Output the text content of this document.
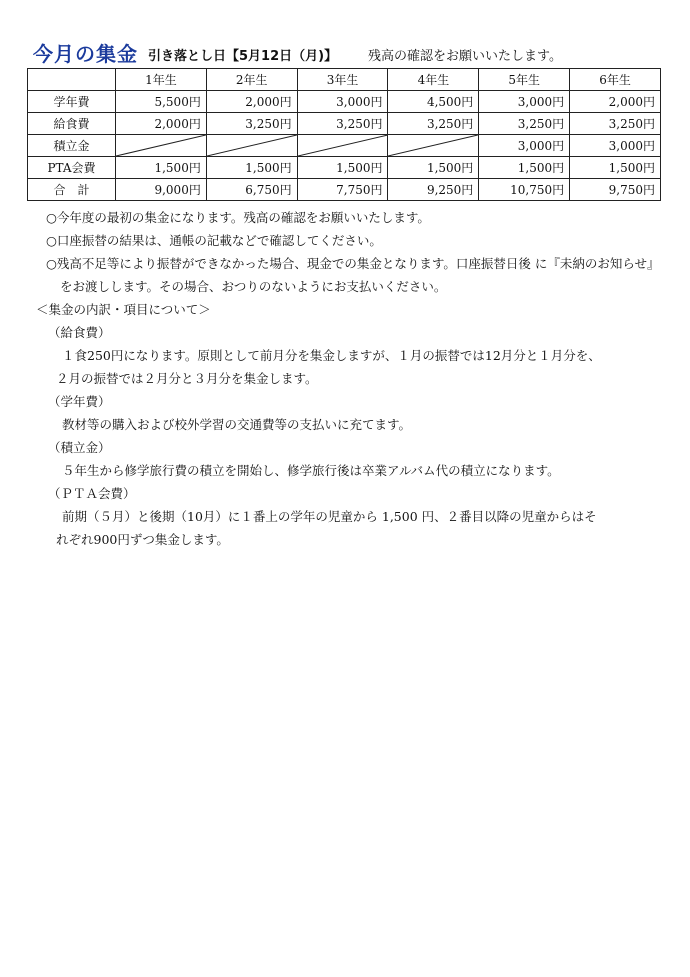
今月の集金 引き落とし日【5月12日（月)】 残高の確認をお願いいたします。
	1年生	2年生	3年生	4年生	5年生	6年生
学年費	5,500円	2,000円	3,000円	4,500円	3,000円	2,000円
給食費	2,000円	3,250円	3,250円	3,250円	3,250円	3,250円
積立金					3,000円	3,000円
PTA会費	1,500円	1,500円	1,500円	1,500円	1,500円	1,500円
合　計	9,000円	6,750円	7,750円	9,250円	10,750円	9,750円

○今年度の最初の集金になります。残高の確認をお願いいたします。

○口座振替の結果は、通帳の記載などで確認してください。

○残高不足等により振替ができなかった場合、現金での集金となります。口座振替日後 に『未納のお知らせ』をお渡しします。その場合、おつりのないようにお支払いください。

＜集金の内訳・項目について＞

（給食費）

１食250円になります。原則として前月分を集金しますが、１月の振替では12月分と１月分を、

２月の振替では２月分と３月分を集金します。

（学年費）

教材等の購入および校外学習の交通費等の支払いに充てます。

（積立金）

５年生から修学旅行費の積立を開始し、修学旅行後は卒業アルバム代の積立になります。

（ＰＴＡ会費）

前期（５月）と後期（10月）に１番上の学年の児童から 1,500 円、２番目以降の児童からはそ

れぞれ900円ずつ集金します。
